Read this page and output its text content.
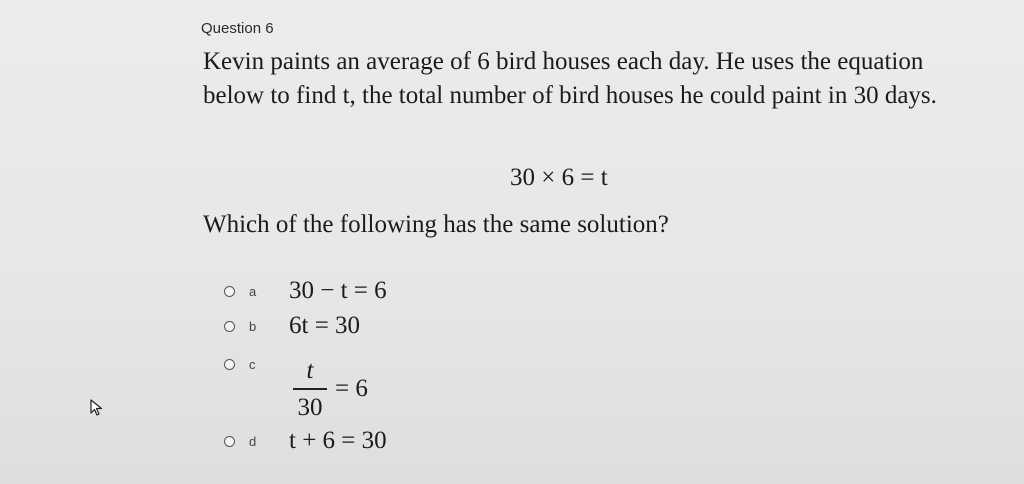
Question 6
Kevin paints an average of 6 bird houses each day. He uses the equation below to find t, the total number of bird houses he could paint in 30 days.
30 × 6 = t
Which of the following has the same solution?
a	30 − t = 6
b	6t = 30
c	$\frac{t}{30} = 6$
d	t + 6 = 30
